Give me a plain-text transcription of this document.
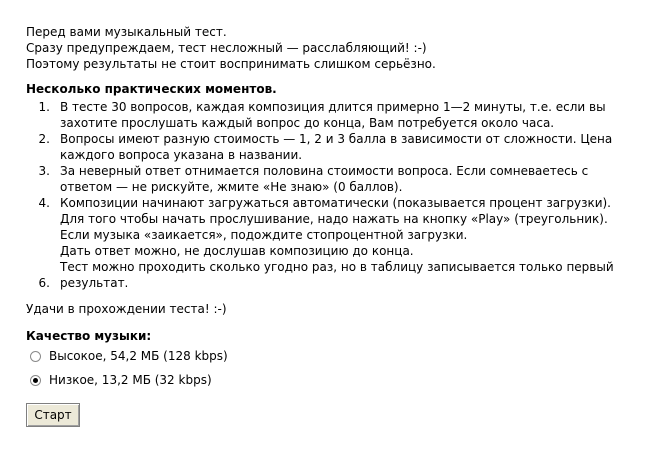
Перед вами музыкальный тест.

Сразу предупреждаем, тест несложный — расслабляющий! :-)

Поэтому результаты не стоит воспринимать слишком серьёзно.

Несколько практических моментов.
1. В тесте 30 вопросов, каждая композиция длится примерно 1—2 минуты, т.е. если вы захотите прослушать каждый вопрос до конца, Вам потребуется около часа.
2. Вопросы имеют разную стоимость — 1, 2 и 3 балла в зависимости от сложности. Цена каждого вопроса указана в названии.
3. За неверный ответ отнимается половина стоимости вопроса. Если сомневаетесь с ответом — не рискуйте, жмите «Не знаю» (0 баллов).
4. Композиции начинают загружаться автоматически (показывается процент загрузки). Для того чтобы начать прослушивание, надо нажать на кнопку «Play» (треугольник). Если музыка «заикается», подождите стопроцентной загрузки.
Дать ответ можно, не дослушав композицию до конца.
6.
Тест можно проходить сколько угодно раз, но в таблицу записывается только первый результат.

Удачи в прохождении теста! :-)

Качество музыки:
Высокое, 54,2 МБ (128 kbps)
Низкое, 13,2 МБ (32 kbps)
Старт
